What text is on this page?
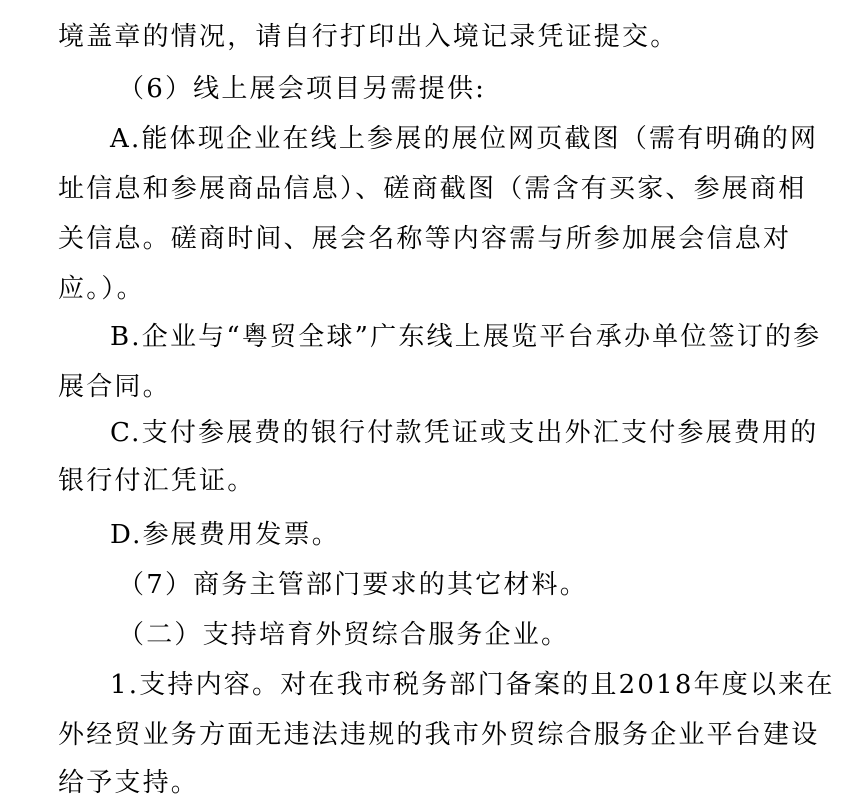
境盖章的情况，请自行打印出入境记录凭证提交。
（6）线上展会项目另需提供:
A.能体现企业在线上参展的展位网页截图（需有明确的网
址信息和参展商品信息）、磋商截图（需含有买家、参展商相
关信息。磋商时间、展会名称等内容需与所参加展会信息对
应。）。
B.企业与“粤贸全球”广东线上展览平台承办单位签订的参
展合同。
C.支付参展费的银行付款凭证或支出外汇支付参展费用的
银行付汇凭证。
D.参展费用发票。
（7）商务主管部门要求的其它材料。
（二）支持培育外贸综合服务企业。
1.支持内容。对在我市税务部门备案的且2018年度以来在
外经贸业务方面无违法违规的我市外贸综合服务企业平台建设
给予支持。
